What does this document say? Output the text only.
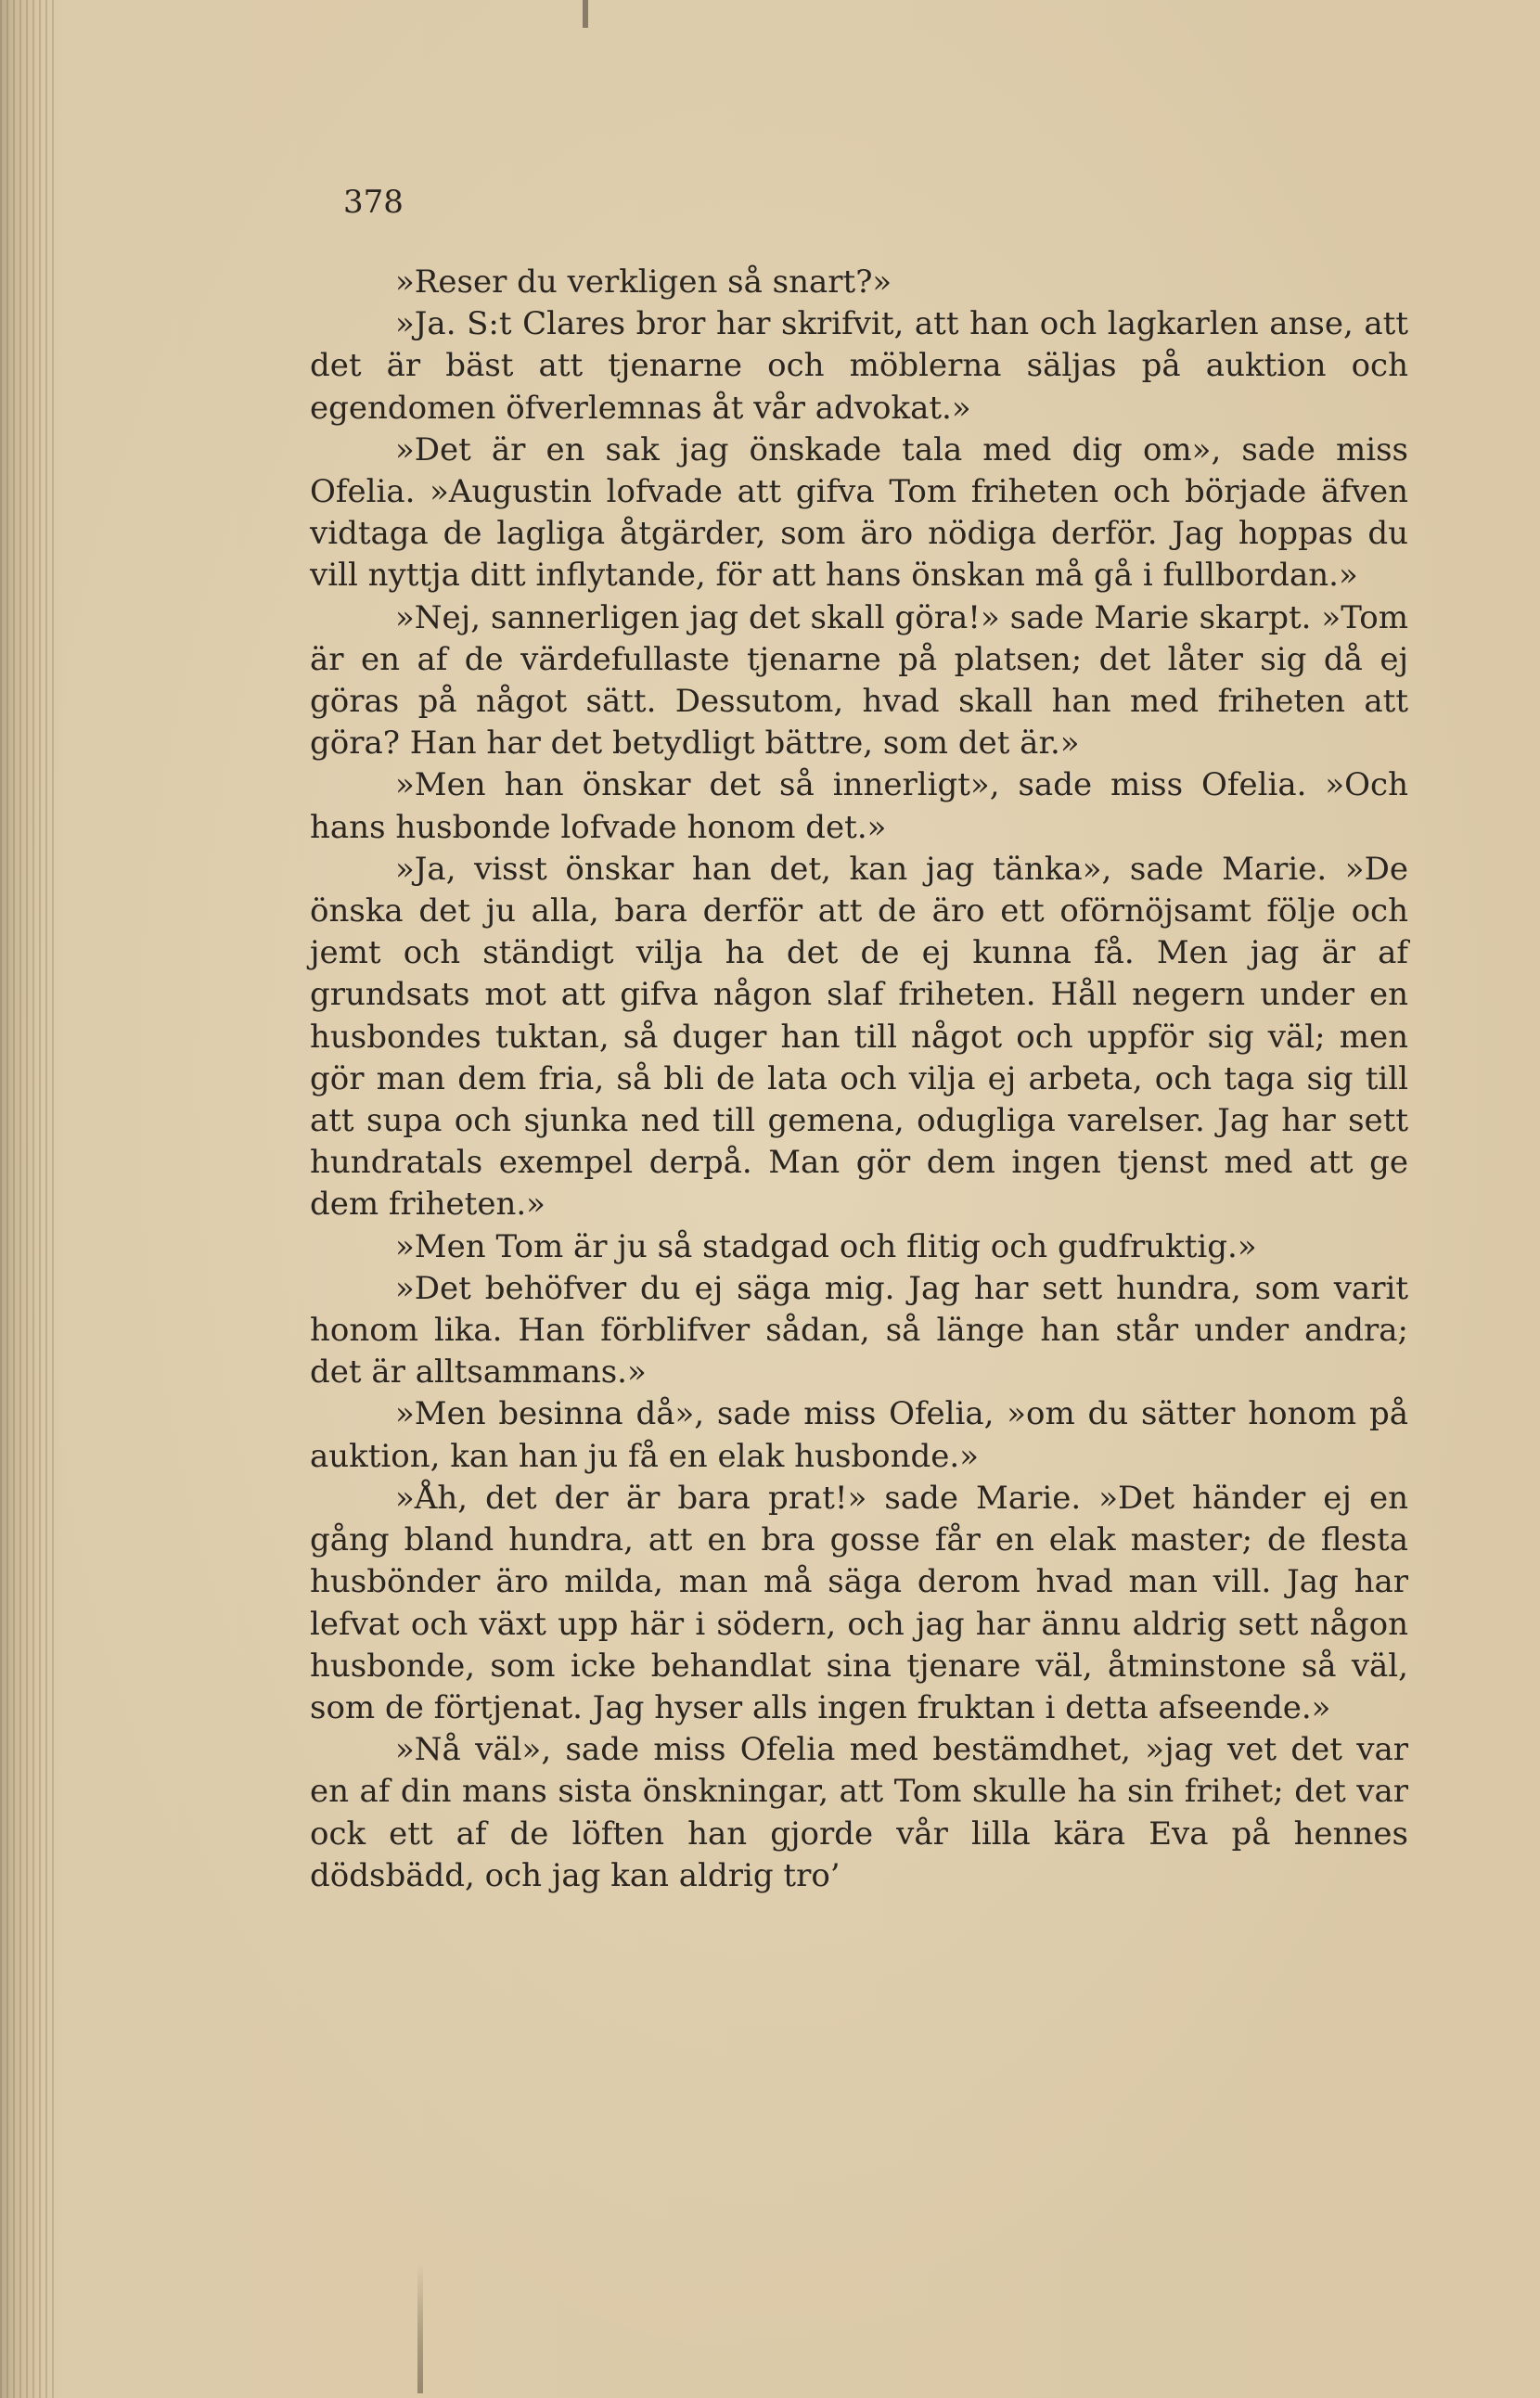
378

»Reser du verkligen så snart?»

»Ja. S:t Clares bror har skrifvit, att han och lagkarlen anse, att det är bäst att tjenarne och möblerna säljas på auktion och egendomen öfverlemnas åt vår advokat.»

»Det är en sak jag önskade tala med dig om», sade miss Ofelia. »Augustin lofvade att gifva Tom friheten och började äfven vidtaga de lagliga åtgärder, som äro nödiga derför. Jag hoppas du vill nyttja ditt inflytande, för att hans önskan må gå i fullbordan.»

»Nej, sannerligen jag det skall göra!» sade Marie skarpt. »Tom är en af de värdefullaste tjenarne på platsen; det låter sig då ej göras på något sätt. Dessutom, hvad skall han med friheten att göra? Han har det betydligt bättre, som det är.»

»Men han önskar det så innerligt», sade miss Ofelia. »Och hans husbonde lofvade honom det.»

»Ja, visst önskar han det, kan jag tänka», sade Marie. »De önska det ju alla, bara derför att de äro ett oförnöjsamt följe och jemt och ständigt vilja ha det de ej kunna få. Men jag är af grundsats mot att gifva någon slaf friheten. Håll negern under en husbondes tuktan, så duger han till något och uppför sig väl; men gör man dem fria, så bli de lata och vilja ej arbeta, och taga sig till att supa och sjunka ned till gemena, odugliga varelser. Jag har sett hundratals exempel derpå. Man gör dem ingen tjenst med att ge dem friheten.»

»Men Tom är ju så stadgad och flitig och gudfruktig.»

»Det behöfver du ej säga mig. Jag har sett hundra, som varit honom lika. Han förblifver sådan, så länge han står under andra; det är alltsammans.»

»Men besinna då», sade miss Ofelia, »om du sätter honom på auktion, kan han ju få en elak husbonde.»

»Åh, det der är bara prat!» sade Marie. »Det händer ej en gång bland hundra, att en bra gosse får en elak master; de flesta husbönder äro milda, man må säga derom hvad man vill. Jag har lefvat och växt upp här i södern, och jag har ännu aldrig sett någon husbonde, som icke behandlat sina tjenare väl, åtminstone så väl, som de förtjenat. Jag hyser alls ingen fruktan i detta afseende.»

»Nå väl», sade miss Ofelia med bestämdhet, »jag vet det var en af din mans sista önskningar, att Tom skulle ha sin frihet; det var ock ett af de löften han gjorde vår lilla kära Eva på hennes dödsbädd, och jag kan aldrig tro’
